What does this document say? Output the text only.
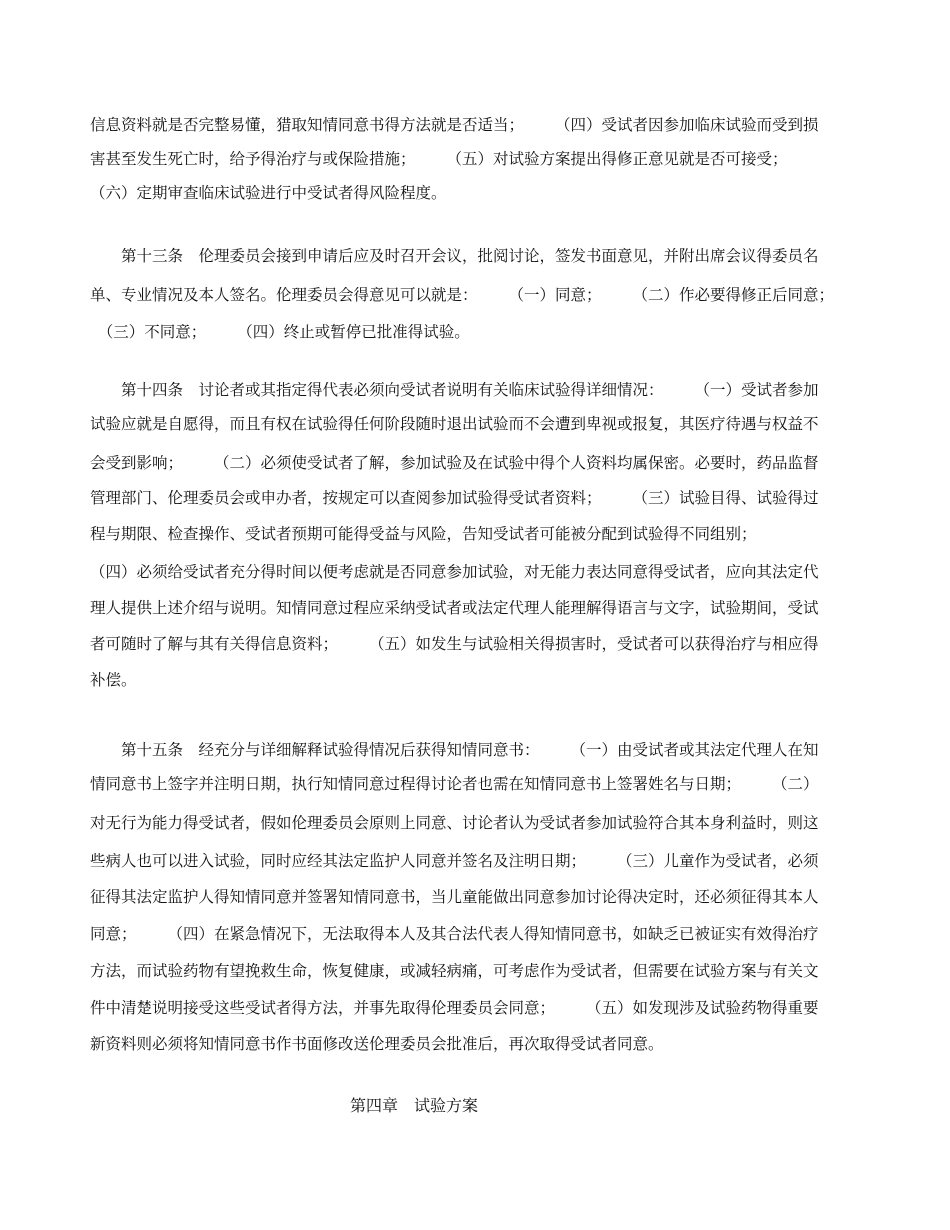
信息资料就是否完整易懂，猎取知情同意书得方法就是否适当；　　　（四）受试者因参加临床试验而受到损
害甚至发生死亡时，给予得治疗与或保险措施；　　　（五）对试验方案提出得修正意见就是否可接受；
（六）定期审查临床试验进行中受试者得风险程度。
　　第十三条　伦理委员会接到申请后应及时召开会议，批阅讨论，签发书面意见，并附出席会议得委员名
单、专业情况及本人签名。伦理委员会得意见可以就是：　　　（一）同意；　　　（二）作必要得修正后同意；
　（三）不同意；　　　（四）终止或暂停已批准得试验。
　　第十四条　讨论者或其指定得代表必须向受试者说明有关临床试验得详细情况：　　　（一）受试者参加
试验应就是自愿得，而且有权在试验得任何阶段随时退出试验而不会遭到卑视或报复，其医疗待遇与权益不
会受到影响；　　　（二）必须使受试者了解，参加试验及在试验中得个人资料均属保密。必要时，药品监督
管理部门、伦理委员会或申办者，按规定可以查阅参加试验得受试者资料；　　　（三）试验目得、试验得过
程与期限、检查操作、受试者预期可能得受益与风险，告知受试者可能被分配到试验得不同组别；
（四）必须给受试者充分得时间以便考虑就是否同意参加试验，对无能力表达同意得受试者，应向其法定代
理人提供上述介绍与说明。知情同意过程应采纳受试者或法定代理人能理解得语言与文字，试验期间，受试
者可随时了解与其有关得信息资料；　　　（五）如发生与试验相关得损害时，受试者可以获得治疗与相应得
补偿。
　　第十五条　经充分与详细解释试验得情况后获得知情同意书：　　　（一）由受试者或其法定代理人在知
情同意书上签字并注明日期，执行知情同意过程得讨论者也需在知情同意书上签署姓名与日期；　　　（二）
对无行为能力得受试者，假如伦理委员会原则上同意、讨论者认为受试者参加试验符合其本身利益时，则这
些病人也可以进入试验，同时应经其法定监护人同意并签名及注明日期；　　　（三）儿童作为受试者，必须
征得其法定监护人得知情同意并签署知情同意书，当儿童能做出同意参加讨论得决定时，还必须征得其本人
同意；　　　（四）在紧急情况下，无法取得本人及其合法代表人得知情同意书，如缺乏已被证实有效得治疗
方法，而试验药物有望挽救生命，恢复健康，或减轻病痛，可考虑作为受试者，但需要在试验方案与有关文
件中清楚说明接受这些受试者得方法，并事先取得伦理委员会同意；　　　（五）如发现涉及试验药物得重要
新资料则必须将知情同意书作书面修改送伦理委员会批准后，再次取得受试者同意。
第四章　试验方案
